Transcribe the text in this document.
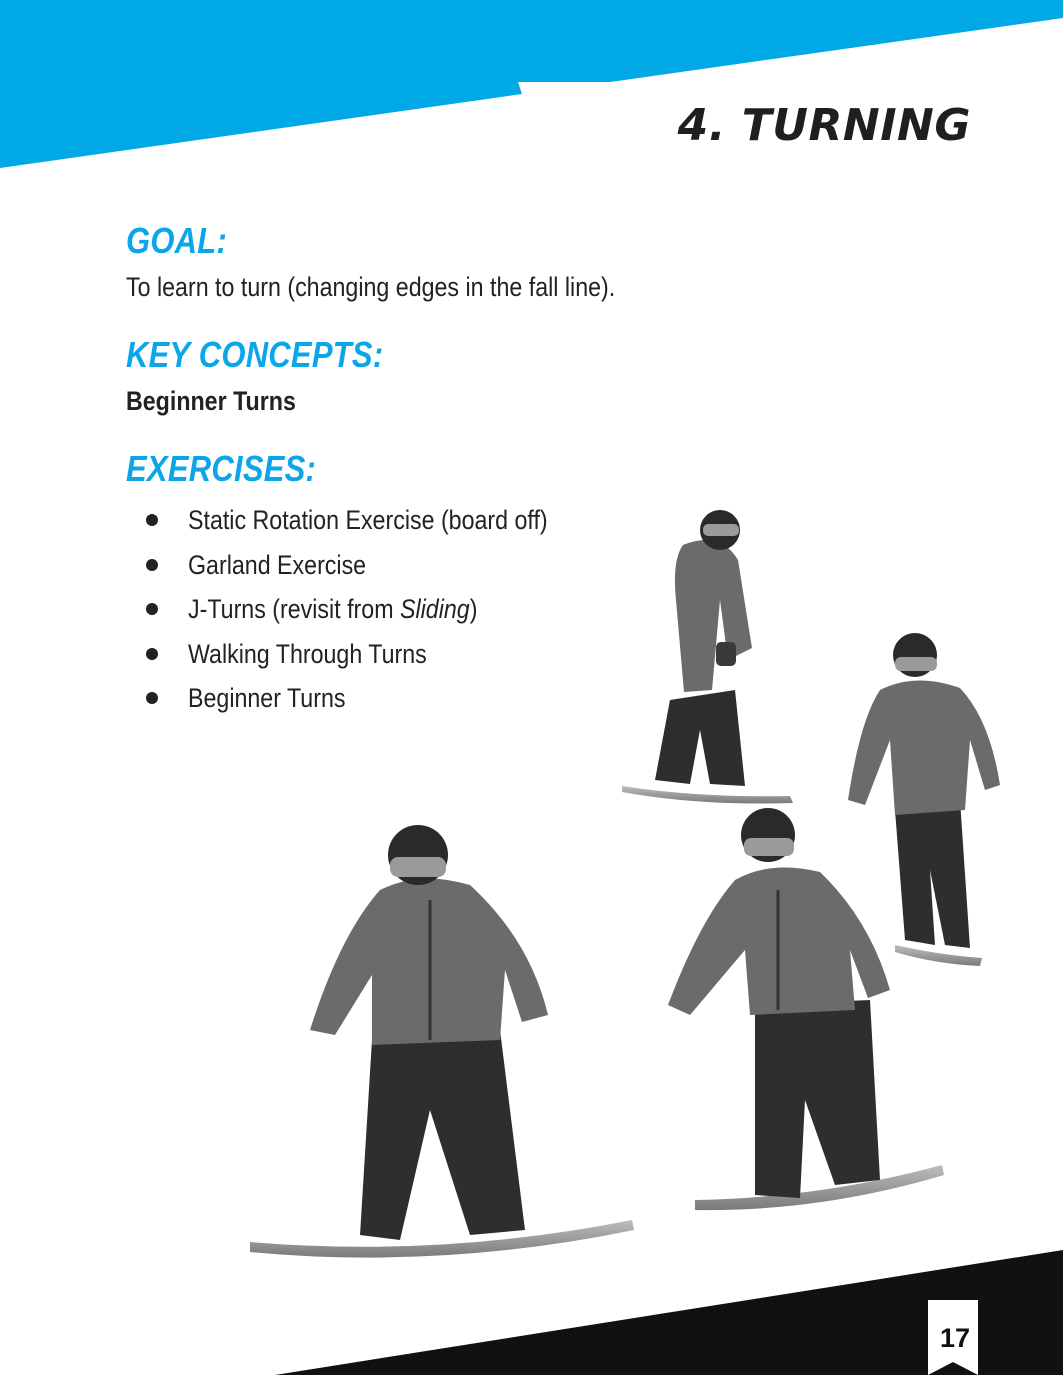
4. TURNING
GOAL:

To learn to turn (changing edges in the fall line).

KEY CONCEPTS:

Beginner Turns

EXERCISES:
Static Rotation Exercise (board off)
Garland Exercise
J-Turns (revisit from Sliding)
Walking Through Turns
Beginner Turns
17
